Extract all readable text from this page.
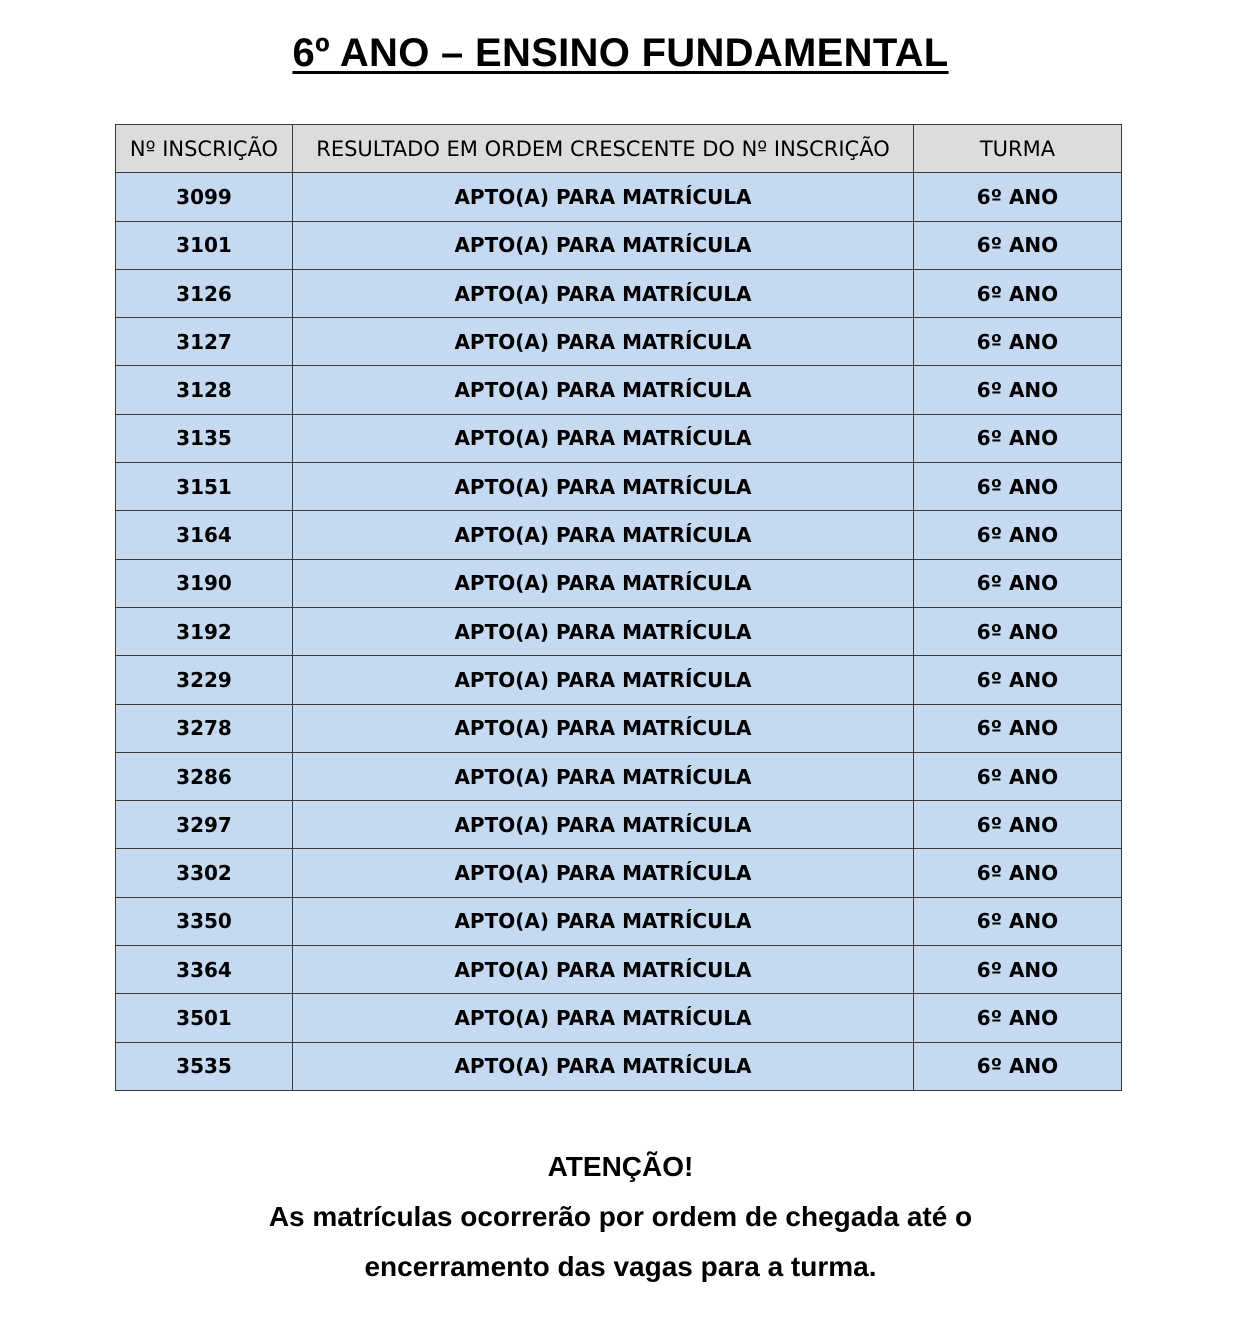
6º ANO – ENSINO FUNDAMENTAL
Nº INSCRIÇÃO	RESULTADO EM ORDEM CRESCENTE DO Nº INSCRIÇÃO	TURMA
3099	APTO(A) PARA MATRÍCULA	6º ANO
3101	APTO(A) PARA MATRÍCULA	6º ANO
3126	APTO(A) PARA MATRÍCULA	6º ANO
3127	APTO(A) PARA MATRÍCULA	6º ANO
3128	APTO(A) PARA MATRÍCULA	6º ANO
3135	APTO(A) PARA MATRÍCULA	6º ANO
3151	APTO(A) PARA MATRÍCULA	6º ANO
3164	APTO(A) PARA MATRÍCULA	6º ANO
3190	APTO(A) PARA MATRÍCULA	6º ANO
3192	APTO(A) PARA MATRÍCULA	6º ANO
3229	APTO(A) PARA MATRÍCULA	6º ANO
3278	APTO(A) PARA MATRÍCULA	6º ANO
3286	APTO(A) PARA MATRÍCULA	6º ANO
3297	APTO(A) PARA MATRÍCULA	6º ANO
3302	APTO(A) PARA MATRÍCULA	6º ANO
3350	APTO(A) PARA MATRÍCULA	6º ANO
3364	APTO(A) PARA MATRÍCULA	6º ANO
3501	APTO(A) PARA MATRÍCULA	6º ANO
3535	APTO(A) PARA MATRÍCULA	6º ANO
ATENÇÃO!
As matrículas ocorrerão por ordem de chegada até o
encerramento das vagas para a turma.
